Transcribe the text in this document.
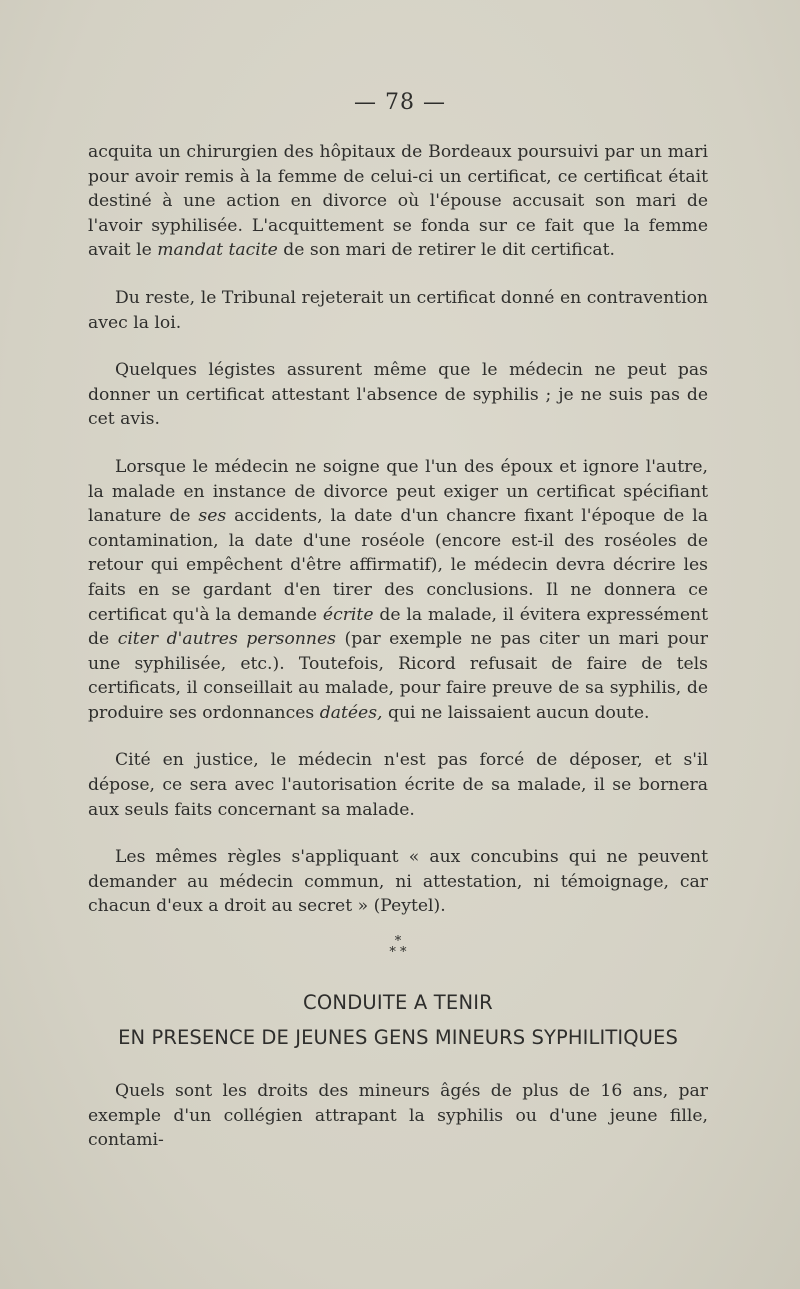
— 78 —

acquita un chirurgien des hôpitaux de Bordeaux poursuivi par un mari pour avoir remis à la femme de celui-ci un certificat, ce certificat était destiné à une action en divorce où l'épouse accusait son mari de l'avoir syphilisée. L'acquittement se fonda sur ce fait que la femme avait le mandat tacite de son mari de retirer le dit certificat.

Du reste, le Tribunal rejeterait un certificat donné en contravention avec la loi.

Quelques légistes assurent même que le médecin ne peut pas donner un certificat attestant l'absence de syphilis ; je ne suis pas de cet avis.

Lorsque le médecin ne soigne que l'un des époux et ignore l'autre, la malade en instance de divorce peut exiger un certificat spécifiant lanature de ses accidents, la date d'un chancre fixant l'époque de la contamination, la date d'une roséole (encore est-il des roséoles de retour qui empêchent d'être affirmatif), le médecin devra décrire les faits en se gardant d'en tirer des conclusions. Il ne donnera ce certificat qu'à la demande écrite de la malade, il évitera expressément de citer d'autres personnes (par exemple ne pas citer un mari pour une syphilisée, etc.). Toutefois, Ricord refusait de faire de tels certificats, il conseillait au malade, pour faire preuve de sa syphilis, de produire ses ordonnances datées, qui ne laissaient aucun doute.

Cité en justice, le médecin n'est pas forcé de déposer, et s'il dépose, ce sera avec l'autorisation écrite de sa malade, il se bornera aux seuls faits concernant sa malade.

Les mêmes règles s'appliquant « aux concubins qui ne peuvent demander au médecin commun, ni attestation, ni témoignage, car chacun d'eux a droit au secret » (Peytel).

*
* *
CONDUITE A TENIR
EN PRESENCE DE JEUNES GENS MINEURS SYPHILITIQUES

Quels sont les droits des mineurs âgés de plus de 16 ans, par exemple d'un collégien attrapant la syphilis ou d'une jeune fille, contami-
